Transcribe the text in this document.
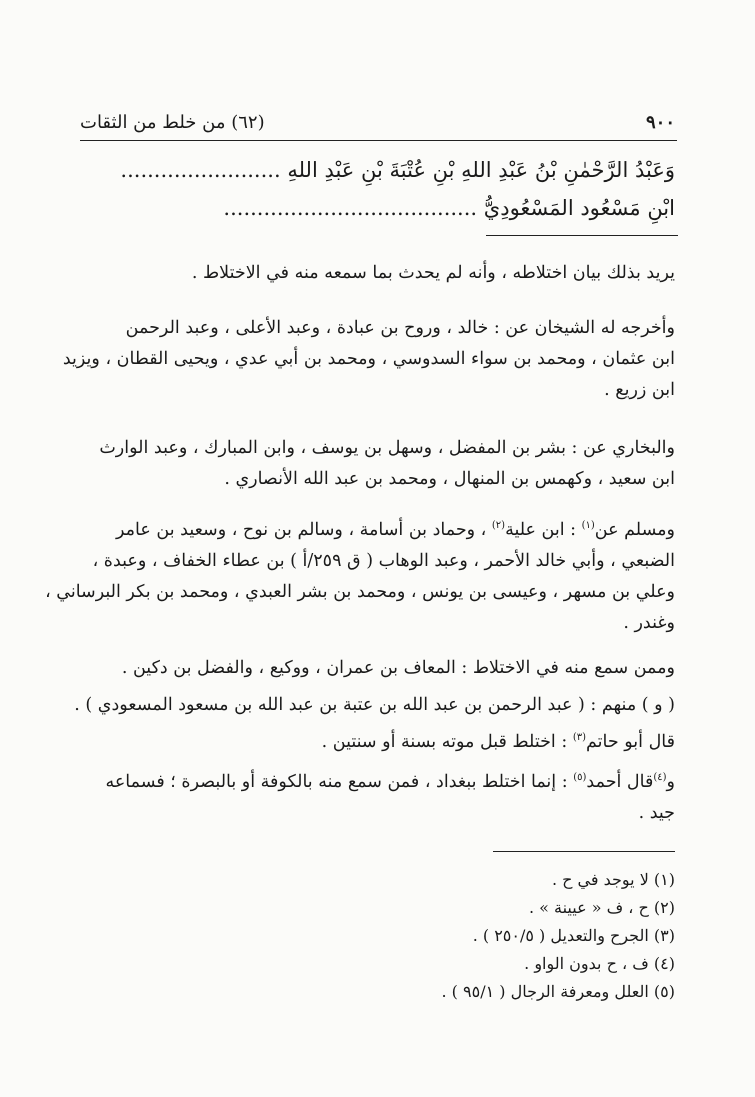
٩٠٠
(٦٢) من خلط من الثقات
وَعَبْدُ الرَّحْمٰنِ بْنُ عَبْدِ اللهِ بْنِ عُتْبَةَ بْنِ عَبْدِ اللهِ ........................
ابْنِ مَسْعُود المَسْعُودِيُّ ......................................
يريد بذلك بيان اختلاطه ، وأنه لم يحدث بما سمعه منه في الاختلاط .
وأخرجه له الشيخان عن : خالد ، وروح بن عبادة ، وعبد الأعلى ، وعبد الرحمن
ابن عثمان ، ومحمد بن سواء السدوسي ، ومحمد بن أبي عدي ، ويحيى القطان ، ويزيد
ابن زريع .
والبخاري عن : بشر بن المفضل ، وسهل بن يوسف ، وابن المبارك ، وعبد الوارث
ابن سعيد ، وكهمس بن المنهال ، ومحمد بن عبد الله الأنصاري .
ومسلم عن$^{(١)}$ : ابن علية$^{(٢)}$ ، وحماد بن أسامة ، وسالم بن نوح ، وسعيد بن عامر
الضبعي ، وأبي خالد الأحمر ، وعبد الوهاب ( ق ٢٥٩/أ ) بن عطاء الخفاف ، وعبدة ،
وعلي بن مسهر ، وعيسى بن يونس ، ومحمد بن بشر العبدي ، ومحمد بن بكر البرساني ،
وغندر .
وممن سمع منه في الاختلاط : المعاف بن عمران ، ووكيع ، والفضل بن دكين .
( و ) منهم : ( عبد الرحمن بن عبد الله بن عتبة بن عبد الله بن مسعود المسعودي ) .
قال أبو حاتم$^{(٣)}$ : اختلط قبل موته بسنة أو سنتين .
و$^{(٤)}$قال أحمد$^{(٥)}$ : إنما اختلط ببغداد ، فمن سمع منه بالكوفة أو بالبصرة ؛ فسماعه
جيد .
(١) لا يوجد في ح .
(٢) ح ، ف « عيينة » .
(٣) الجرح والتعديل ( ٢٥٠/٥ ) .
(٤) ف ، ح بدون الواو .
(٥) العلل ومعرفة الرجال ( ٩٥/١ ) .
